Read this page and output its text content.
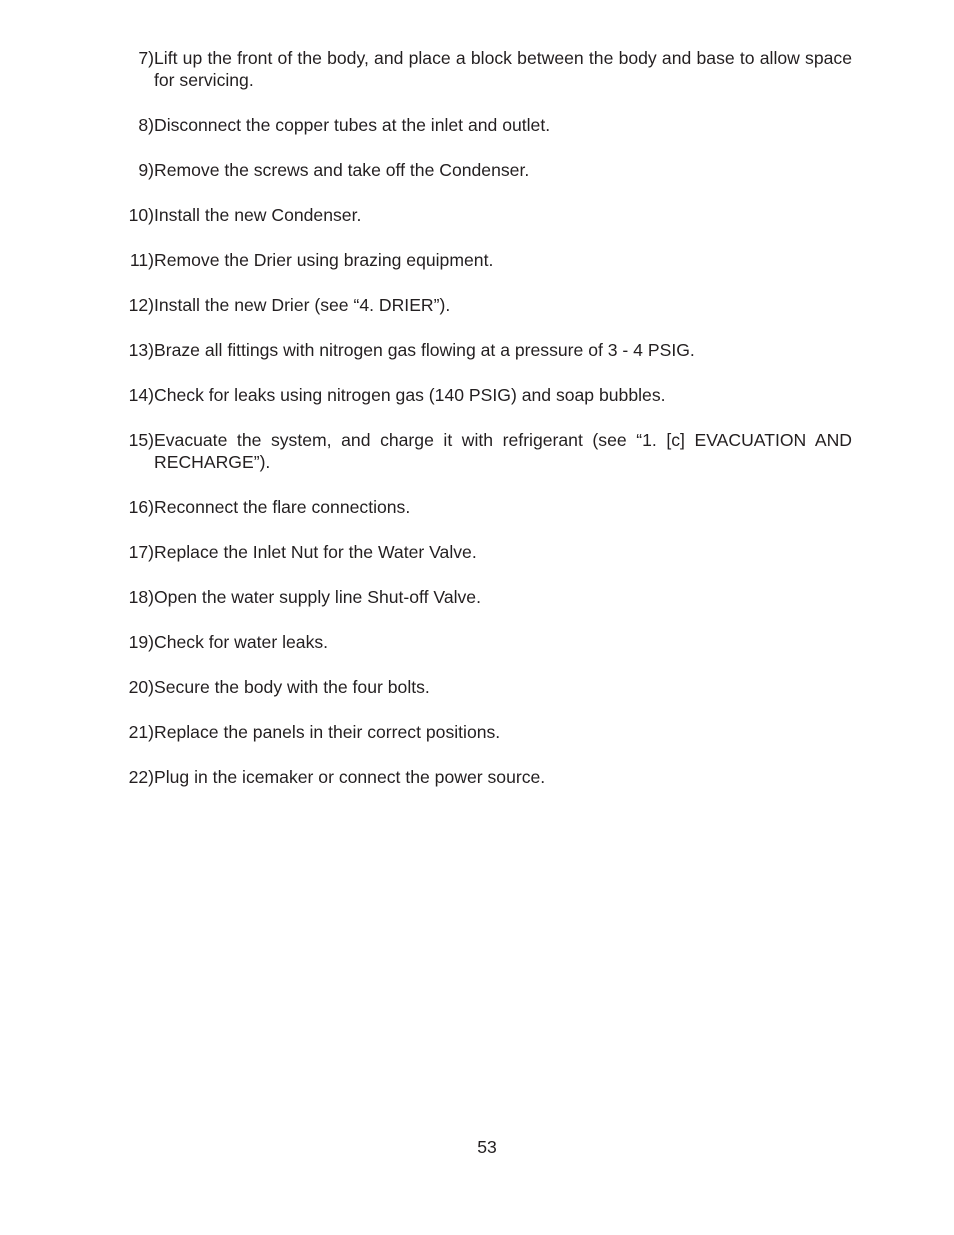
7) Lift up the front of the body, and place a block between the body and base to allow space for servicing.
8) Disconnect the copper tubes at the inlet and outlet.
9) Remove the screws and take off the Condenser.
10) Install the new Condenser.
11) Remove the Drier using brazing equipment.
12) Install the new Drier (see “4. DRIER”).
13) Braze all fittings with nitrogen gas flowing at a pressure of 3 - 4 PSIG.
14) Check for leaks using nitrogen gas (140 PSIG) and soap bubbles.
15) Evacuate the system, and charge it with refrigerant (see “1. [c] EVACUATION AND RECHARGE”).
16) Reconnect the flare connections.
17) Replace the Inlet Nut for the Water Valve.
18) Open the water supply line Shut-off Valve.
19) Check for water leaks.
20) Secure the body with the four bolts.
21) Replace the panels in their correct positions.
22) Plug in the icemaker or connect the power source.
53
